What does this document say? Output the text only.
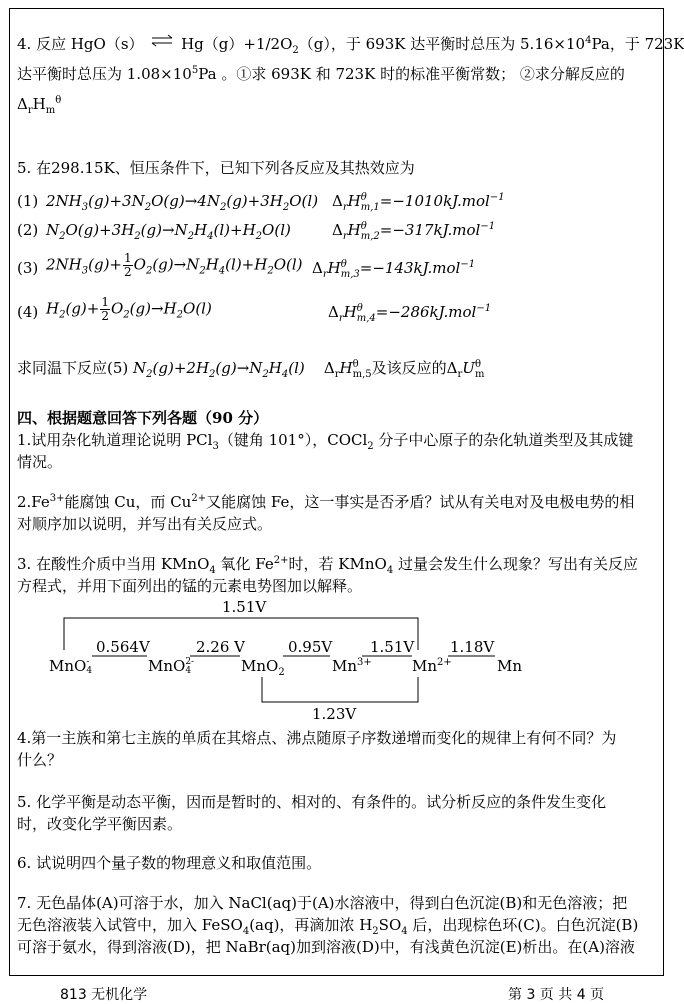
4. 反应 HgO（s） ⇌ $Hg(g)+1/2O_2(g)$，于 693K 达平衡时总压为 $5.16\times 10^4Pa$，于 723K
达平衡时总压为 $1.08\times 10^5Pa$ 。①求 693K 和 723K 时的标准平衡常数； ②求分解反应的
$\Delta_rH_m^\theta$
5. 在298.15K、恒压条件下，已知下列各反应及其热效应为
(1) $2NH_3(g)+3N_2O(g)\to 4N_2(g)+3H_2O(l)$ $\Delta_rH^\theta_{m,1}=-1010kJ.mol^{-1}$
(2) $N_2O(g)+3H_2(g)\to N_2H_4(l)+H_2O(l)$	$\Delta_rH^\theta_{m,2}=-317kJ.mol^{-1}$
(3) $2NH_3(g)+ \frac{1}{2} O_2(g)\to N_2H_4(l)+H_2O(l)$ $\Delta_rH^\theta_{m,3}=-143kJ.mol^{-1}$
(4) $H_2(g)+ \frac{1}{2} O_2(g)\to H_2O(l)$	$\Delta_rH^\theta_{m,4}=-286kJ.mol^{-1}$
求同温下反应(5) $N_2(g)+2H_2(g)\to N_2H_4(l)$ $\Delta_rH^\theta_{m,5}$及该反应的$\Delta_rU^\theta_m$
四、根据题意回答下列各题（90 分）
1.试用杂化轨道理论说明 PCl$_3$（键角 101°），COCl$_2$ 分子中心原子的杂化轨道类型及其成键
情况。
$2.Fe^{3+}$能腐蚀 Cu，而 $Cu^{2+}$又能腐蚀 Fe，这一事实是否矛盾？试从有关电对及电极电势的相
对顺序加以说明，并写出有关反应式。
3. 在酸性介质中当用 KMnO$_4$ 氧化 $Fe^{2+}$时，若 KMnO$_4$ 过量会发生什么现象？写出有关反应
方程式，并用下面列出的锰的元素电势图加以解释。
1.51V
0.564V	2.26 V	0.95V	1.51V 1.18V
1.23V
MnO -
4	MnO 2-
4	MnO$_2$	$Mn^{3+}$	$Mn^{2+}$	Mn
4.第一主族和第七主族的单质在其熔点、沸点随原子序数递增而变化的规律上有何不同？为
什么？
5. 化学平衡是动态平衡，因而是暂时的、相对的、有条件的。试分析反应的条件发生变化
时，改变化学平衡因素。
6. 试说明四个量子数的物理意义和取值范围。
7. 无色晶体(A)可溶于水，加入 NaCl(aq)于(A)水溶液中，得到白色沉淀(B)和无色溶液；把
无色溶液装入试管中，加入 FeSO$_4$(aq)，再滴加浓 $H_2SO_4$ 后，出现棕色环(C)。白色沉淀(B)
可溶于氨水，得到溶液(D)，把 NaBr(aq)加到溶液(D)中，有浅黄色沉淀(E)析出。在(A)溶液
813 无机化学	第 3 页 共 4 页
